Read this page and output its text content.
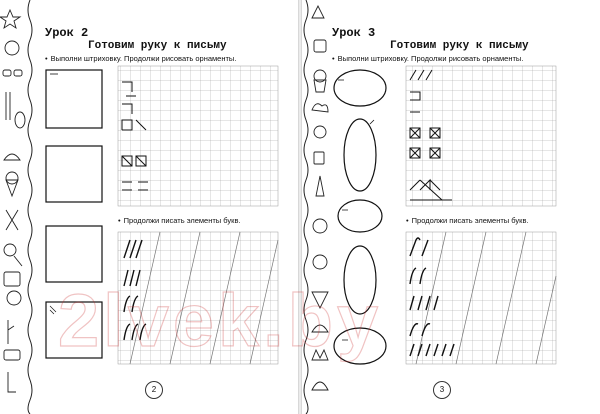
Урок 2
Готовим руку к письму
• Выполни штриховку. Продолжи рисовать орнаменты.
• Продолжи писать элементы букв.
2
Урок 3
Готовим руку к письму
• Выполни штриховку. Продолжи рисовать орнаменты.
• Продолжи писать элементы букв.
3
